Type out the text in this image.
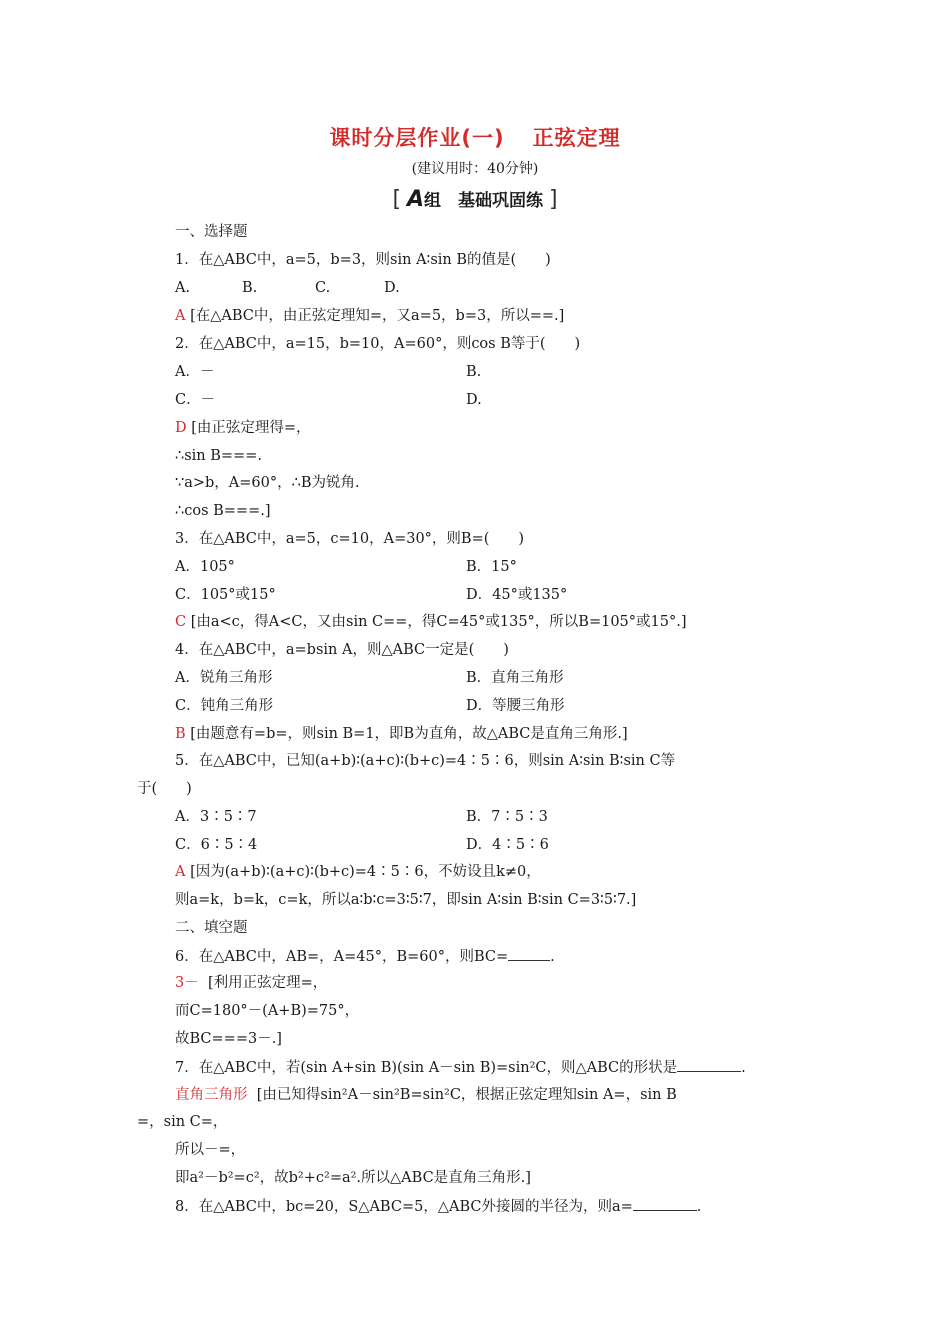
课时分层作业(一) 正弦定理
(建议用时：40分钟)
[ A组　基础巩固练 ]
一、选择题
1．在△ABC中，a=5，b=3，则sin A∶sin B的值是(　　)
A.	B.	C.	D.
A [在△ABC中，由正弦定理知=，又a=5，b=3，所以==.]
2．在△ABC中，a=15，b=10，A=60°，则cos B等于(　　)
A．－	B.
C．－	D.
D [由正弦定理得=，
∴sin B===.
∵a>b，A=60°，∴B为锐角.
∴cos B===.]
3．在△ABC中，a=5，c=10，A=30°，则B=(　　)
A．105°	B．15°
C．105°或15°	D．45°或135°
C [由a<c，得A<C，又由sin C==，得C=45°或135°，所以B=105°或15°.]
4．在△ABC中，a=bsin A，则△ABC一定是(　　)
A．锐角三角形	B．直角三角形
C．钝角三角形	D．等腰三角形
B [由题意有=b=，则sin B=1，即B为直角，故△ABC是直角三角形.]
5．在△ABC中，已知(a+b)∶(a+c)∶(b+c)=4∶5∶6，则sin A∶sin B∶sin C等
于(　　)
A．3∶5∶7	B．7∶5∶3
C．6∶5∶4	D．4∶5∶6
A [因为(a+b)∶(a+c)∶(b+c)=4∶5∶6，不妨设且k≠0，
则a=k，b=k，c=k，所以a∶b∶c=3∶5∶7，即sin A∶sin B∶sin C=3∶5∶7.]
二、填空题
6．在△ABC中，AB=，A=45°，B=60°，则BC=	.
3－ [利用正弦定理=，
而C=180°－(A+B)=75°，
故BC===3－.]
7．在△ABC中，若(sin A+sin B)(sin A－sin B)=sin²C，则△ABC的形状是	.
直角三角形 [由已知得sin²A－sin²B=sin²C，根据正弦定理知sin A=，sin B
=，sin C=，
所以－=，
即a²－b²=c²，故b²+c²=a².所以△ABC是直角三角形.]
8．在△ABC中，bc=20，S△ABC=5，△ABC外接圆的半径为，则a=	.
